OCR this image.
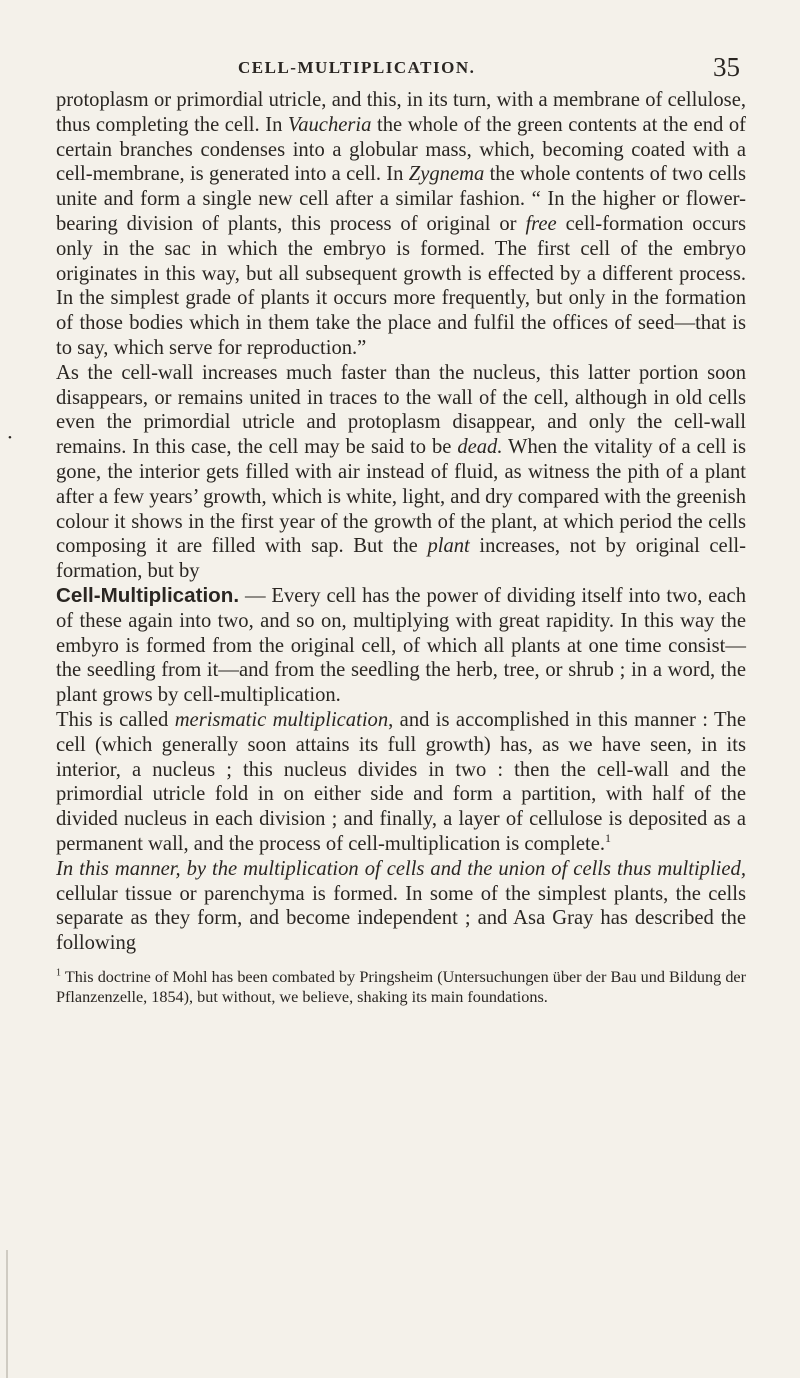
CELL-MULTIPLICATION.	35

protoplasm or primordial utricle, and this, in its turn, with a membrane of cellulose, thus completing the cell. In Vaucheria the whole of the green contents at the end of certain branches condenses into a globular mass, which, becoming coated with a cell-membrane, is generated into a cell. In Zygnema the whole contents of two cells unite and form a single new cell after a similar fashion. “ In the higher or flower-bearing division of plants, this process of original or free cell-formation occurs only in the sac in which the embryo is formed. The first cell of the embryo originates in this way, but all subsequent growth is effected by a different process. In the simplest grade of plants it occurs more frequently, but only in the formation of those bodies which in them take the place and fulfil the offices of seed—that is to say, which serve for reproduction.”

As the cell-wall increases much faster than the nucleus, this latter portion soon disappears, or remains united in traces to the wall of the cell, although in old cells even the primordial utricle and protoplasm disappear, and only the cell-wall remains. In this case, the cell may be said to be dead. When the vitality of a cell is gone, the interior gets filled with air instead of fluid, as witness the pith of a plant after a few years’ growth, which is white, light, and dry compared with the greenish colour it shows in the first year of the growth of the plant, at which period the cells composing it are filled with sap. But the plant increases, not by original cell-formation, but by

Cell-Multiplication. — Every cell has the power of dividing itself into two, each of these again into two, and so on, multiplying with great rapidity. In this way the embyro is formed from the original cell, of which all plants at one time consist—the seedling from it—and from the seedling the herb, tree, or shrub ; in a word, the plant grows by cell-multiplication.

This is called merismatic multiplication, and is accomplished in this manner : The cell (which generally soon attains its full growth) has, as we have seen, in its interior, a nucleus ; this nucleus divides in two : then the cell-wall and the primordial utricle fold in on either side and form a partition, with half of the divided nucleus in each division ; and finally, a layer of cellulose is deposited as a permanent wall, and the process of cell-multiplication is complete.$^1$

In this manner, by the multiplication of cells and the union of cells thus multiplied, cellular tissue or parenchyma is formed. In some of the simplest plants, the cells separate as they form, and become independent ; and Asa Gray has described the following

$^1$ This doctrine of Mohl has been combated by Pringsheim (Untersuchungen über der Bau und Bildung der Pflanzenzelle, 1854), but without, we believe, shaking its main foundations.
•
